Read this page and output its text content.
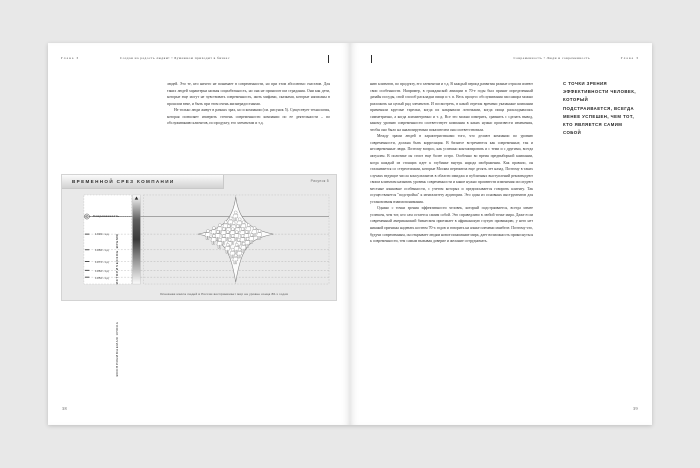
Глава 3	Создан на радость людям! • Бумажном приходит в бизнес

людей. Это те, кто ничего не понимает в современности, но при этом абсолютно счастлив. Для таких людей характерна низкая социабельность, но она не приносит им страдания. Они как дети, которые еще могут не чувствовать современность, жить мифами, сказками, которые написаны в прошлом веке, и быть при этом очень жизнерадостными.

Не только люди живут в разных эрах, но и компании (см. рисунок 5). Существует технология, которая позволяет измерить степень современности компании по ее деятельности – по обслуживанию клиентов, по продукту, его элементам и т.д.

ВРЕМЕННОЙ СРЕЗ КОМПАНИИ	Рисунок 5
ИСТОРИЧЕСКОЕ ВРЕМЯ
ВОСПРИНИМАЕМАЯ ЭПОХА
Современность
1990 год
1980 год
1970 год
1960 год
1950 год
Основная масса людей в России воспринимает мир на уровне конца 80-х годов
38
Современность • Люди и современность	Глава 3

нию клиентов, по продукту, его элементам и т.д. В каждый период развития разные отрасли имеют свои особенности. Например, в гражданской авиации в 70-е годы был принят определенный дизайн посуды, свой способ раскладки пищи и т. п. Весь процесс обслуживания пассажира можно разложить на целый ряд элементов. И посмотреть, в какой отрезок времени указанные компании применяли круглые тарелки, когда их накрывали лоточками, когда пища раскладывалась симметрично, а когда асимметрично и т. д. Все это можно измерить, сравнить с сделать вывод, какому уровню современности соответствует компания в каких нужно произвести изменения, чтобы оно было на анализируемым показателем она соответствовала.

Между эрами людей в характеристиками того, что делают компании по уровню современности, должна быть корреляция. В бизнесе встречаются как современные, так и несовременные люди. Поэтому вопрос, как успешно контактировать и с теми и с другими, всегда актуален. В политике он стоит еще более остро. Особенно во время предвыборной кампании, когда каждый из стоящих идет к глубинке внутрь народа изображения. Как правило, он сталкивается со стереотипами, которые Москва переимела еще десять лет назад. Поэтому в таких случаях ведущие числа консультантов в области имиджа и публичных выступлений рекомендуют своим клиентам называть уровень современности и какие нужно произвести изменения исследуют местные языковые особенности, с учетом которых и предписывается говорить клиенту. Так осуществляется "подстройка" к менталитету аудитории. Это один из основных инструментов для установления взаимопонимания.

Однако с точки зрения эффективности человек, который подстраивается, всегда менее успешен, чем тот, кто сам остается самим собой. Это справедливо в любой точке мира. Даже если современный американский бизнесмен приезжает в африканскую глухую провинцию, у него нет никакой причины надевать костюм 70-х годов и говорить на языке племени мамбеле. Поэтому что, будучи современным, он открывает людям новое понимание мира, дает возможность прикоснуться к современности, тем самым вызывая доверие и желание сотрудничать.

С ТОЧКИ ЗРЕНИЯ ЭФФЕКТИВНОСТИ ЧЕЛОВЕК, КОТОРЫЙ ПОДСТРАИВАЕТСЯ, ВСЕГДА МЕНЕЕ УСПЕШЕН, ЧЕМ ТОТ, КТО ЯВЛЯЕТСЯ САМИМ СОБОЙ
39
